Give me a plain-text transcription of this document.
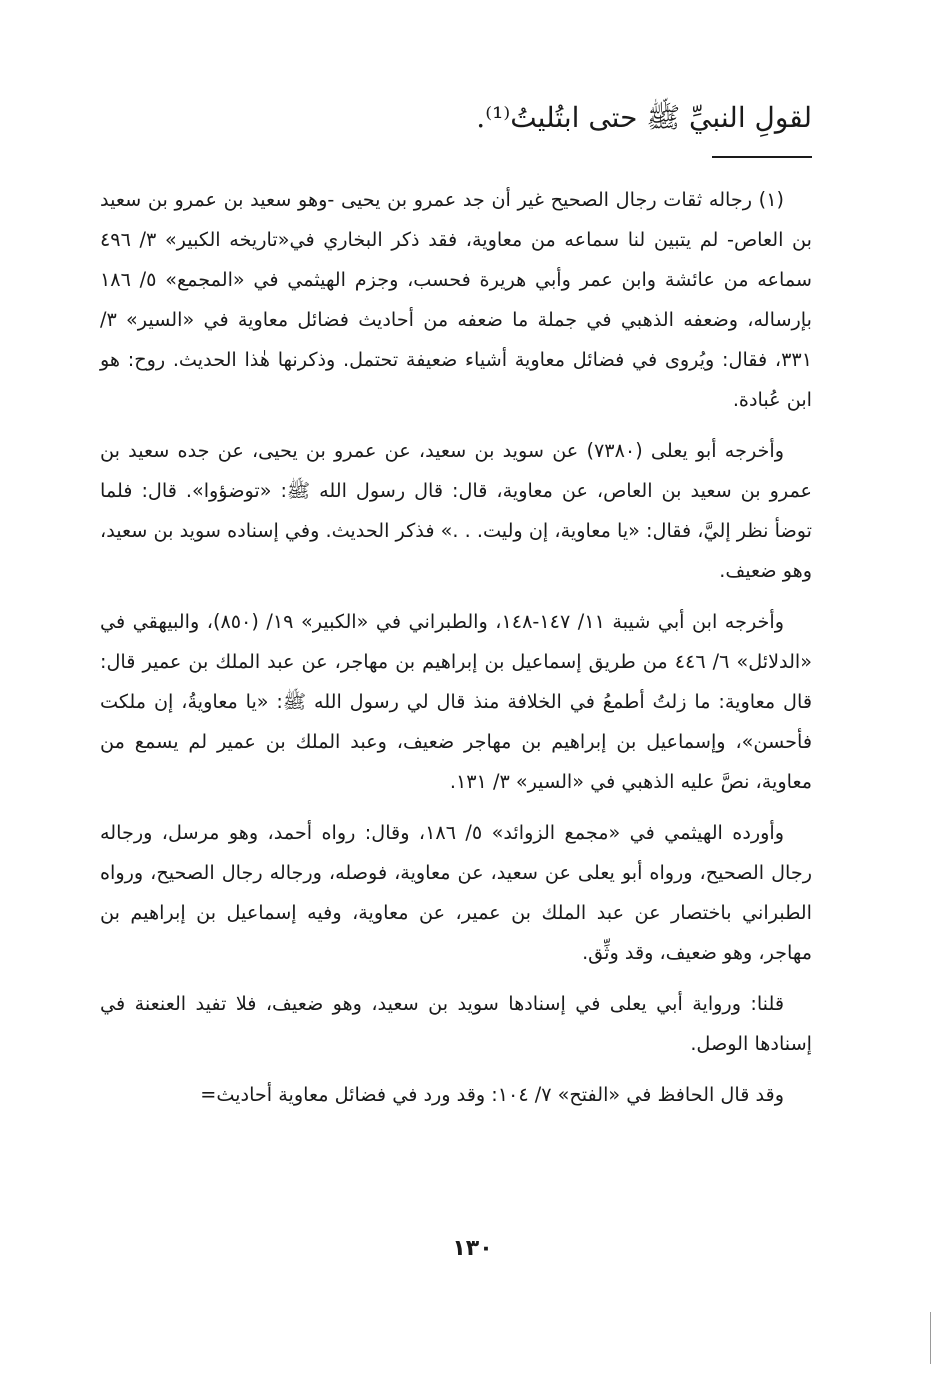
لقولِ النبيِّ ﷺ حتى ابتُليتُ⁽¹⁾.

(١) رجاله ثقات رجال الصحيح غير أن جد عمرو بن يحيى -وهو سعيد بن عمرو بن سعيد بن العاص- لم يتبين لنا سماعه من معاوية، فقد ذكر البخاري في«تاريخه الكبير» ٣/ ٤٩٦ سماعه من عائشة وابن عمر وأبي هريرة فحسب، وجزم الهيثمي في «المجمع» ٥/ ١٨٦ بإرساله، وضعفه الذهبي في جملة ما ضعفه من أحاديث فضائل معاوية في «السير» ٣/ ٣٣١، فقال: ويُروى في فضائل معاوية أشياء ضعيفة تحتمل. وذكرنها هٰذا الحديث. روح: هو ابن عُبادة.

وأخرجه أبو يعلى (٧٣٨٠) عن سويد بن سعيد، عن عمرو بن يحيى، عن جده سعيد بن عمرو بن سعيد بن العاص، عن معاوية، قال: قال رسول الله ﷺ: «توضؤوا». قال: فلما توضأ نظر إليَّ، فقال: «يا معاوية، إن وليت. . .» فذكر الحديث. وفي إسناده سويد بن سعيد، وهو ضعيف.

وأخرجه ابن أبي شيبة ١١/ ١٤٧-١٤٨، والطبراني في «الكبير» ١٩/ (٨٥٠)، والبيهقي في «الدلائل» ٦/ ٤٤٦ من طريق إسماعيل بن إبراهيم بن مهاجر، عن عبد الملك بن عمير قال: قال معاوية: ما زلتُ أطمعُ في الخلافة منذ قال لي رسول الله ﷺ: «يا معاويةُ، إن ملكت فأحسن»، وإسماعيل بن إبراهيم بن مهاجر ضعيف، وعبد الملك بن عمير لم يسمع من معاوية، نصَّ عليه الذهبي في «السير» ٣/ ١٣١.

وأورده الهيثمي في «مجمع الزوائد» ٥/ ١٨٦، وقال: رواه أحمد، وهو مرسل، ورجاله رجال الصحيح، ورواه أبو يعلى عن سعيد، عن معاوية، فوصله، ورجاله رجال الصحيح، ورواه الطبراني باختصار عن عبد الملك بن عمير، عن معاوية، وفيه إسماعيل بن إبراهيم بن مهاجر، وهو ضعيف، وقد وثِّق.

قلنا: ورواية أبي يعلى في إسنادها سويد بن سعيد، وهو ضعيف، فلا تفيد العنعنة في إسنادها الوصل.

وقد قال الحافظ في «الفتح» ٧/ ١٠٤: وقد ورد في فضائل معاوية أحاديث=

١٣٠
